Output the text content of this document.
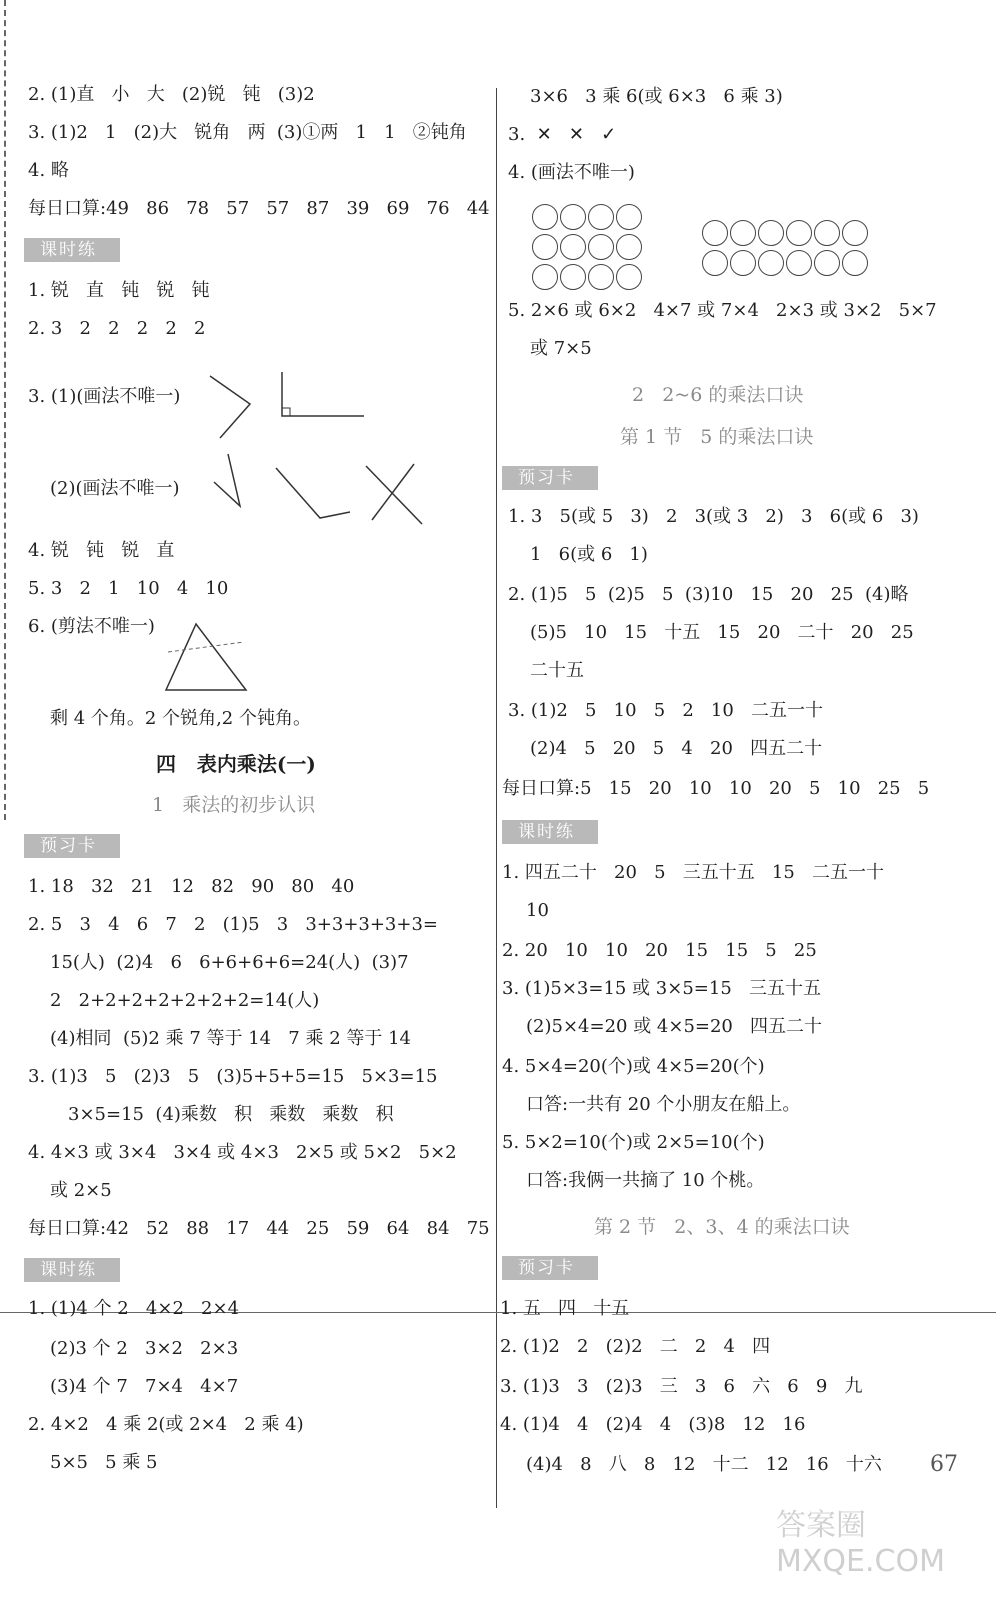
2. (1)直   小   大   (2)锐   钝   (3)2
3. (1)2   1   (2)大   锐角   两  (3)①两   1   1   ②钝角
4. 略
每日口算:49   86   78   57   57   87   39   69   76   44
课时练
1. 锐   直   钝   锐   钝
2. 3   2   2   2   2   2
3. (1)(画法不唯一)
(2)(画法不唯一)
4. 锐   钝   锐   直
5. 3   2   1   10   4   10
6. (剪法不唯一)
剩 4 个角。2 个锐角,2 个钝角。
四   表内乘法(一)
1   乘法的初步认识
预习卡
1. 18   32   21   12   82   90   80   40
2. 5   3   4   6   7   2   (1)5   3   3+3+3+3+3=
15(人)  (2)4   6   6+6+6+6=24(人)  (3)7
2   2+2+2+2+2+2+2=14(人)
(4)相同  (5)2 乘 7 等于 14   7 乘 2 等于 14
3. (1)3   5   (2)3   5   (3)5+5+5=15   5×3=15
3×5=15  (4)乘数   积   乘数   乘数   积
4. 4×3 或 3×4   3×4 或 4×3   2×5 或 5×2   5×2
或 2×5
每日口算:42   52   88   17   44   25   59   64   84   75
课时练
1. (1)4 个 2   4×2   2×4
(2)3 个 2   3×2   2×3
(3)4 个 7   7×4   4×7
2. 4×2   4 乘 2(或 2×4   2 乘 4)
5×5   5 乘 5
3×6   3 乘 6(或 6×3   6 乘 3)
3.  ✕   ✕   ✓
4. (画法不唯一)
5. 2×6 或 6×2   4×7 或 7×4   2×3 或 3×2   5×7
或 7×5
2   2~6 的乘法口诀
第 1 节   5 的乘法口诀
预习卡
1. 3   5(或 5   3)   2   3(或 3   2)   3   6(或 6   3)
1   6(或 6   1)
2. (1)5   5  (2)5   5  (3)10   15   20   25  (4)略
(5)5   10   15   十五   15   20   二十   20   25
二十五
3. (1)2   5   10   5   2   10   二五一十
(2)4   5   20   5   4   20   四五二十
每日口算:5   15   20   10   10   20   5   10   25   5
课时练
1. 四五二十   20   5   三五十五   15   二五一十
10
2. 20   10   10   20   15   15   5   25
3. (1)5×3=15 或 3×5=15   三五十五
(2)5×4=20 或 4×5=20   四五二十
4. 5×4=20(个)或 4×5=20(个)
口答:一共有 20 个小朋友在船上。
5. 5×2=10(个)或 2×5=10(个)
口答:我俩一共摘了 10 个桃。
第 2 节   2、3、4 的乘法口诀
预习卡
1. 五   四   十五
2. (1)2   2   (2)2   二   2   4   四
3. (1)3   3   (2)3   三   3   6   六   6   9   九
4. (1)4   4   (2)4   4   (3)8   12   16
(4)4   8   八   8   12   十二   12   16   十六 67
答案圈 MXQE.COM
